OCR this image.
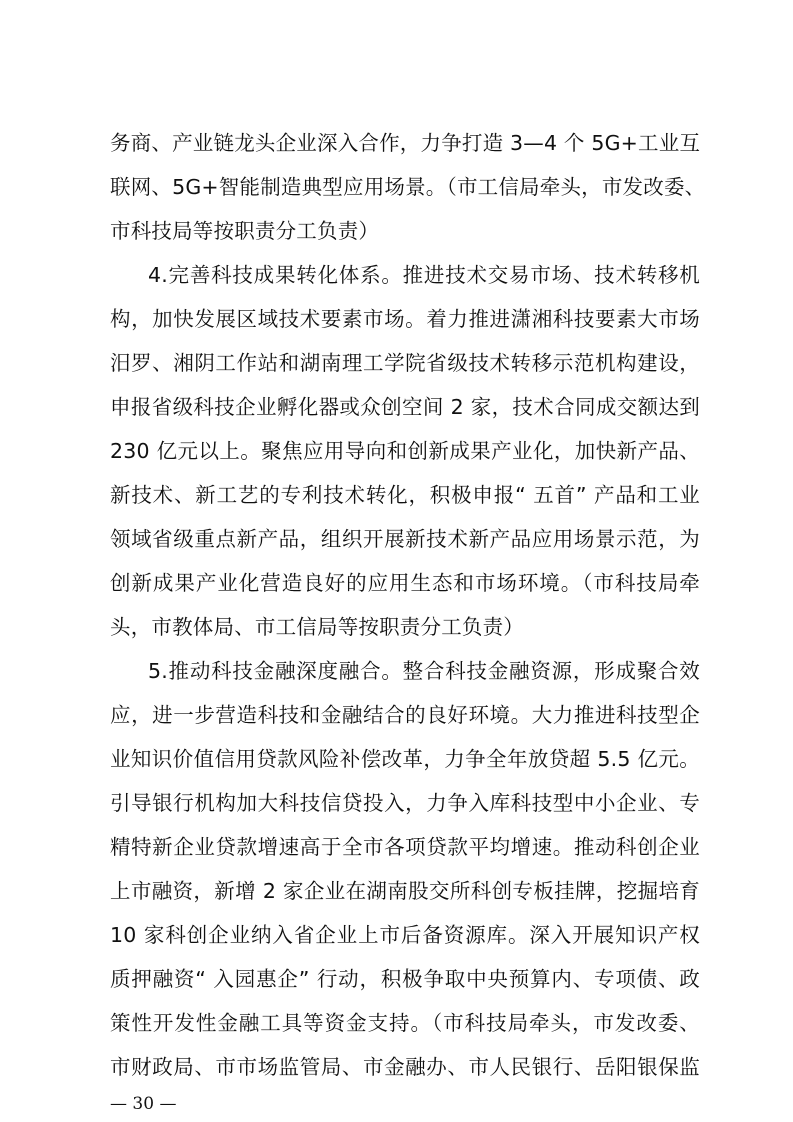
务商、产业链龙头企业深入合作，力争打造 3—4 个 5G+工业互
联网、5G+智能制造典型应用场景。（市工信局牵头，市发改委、
市科技局等按职责分工负责）
4.完善科技成果转化体系。推进技术交易市场、技术转移机
构，加快发展区域技术要素市场。着力推进潇湘科技要素大市场
汨罗、湘阴工作站和湖南理工学院省级技术转移示范机构建设，
申报省级科技企业孵化器或众创空间 2 家，技术合同成交额达到
230 亿元以上。聚焦应用导向和创新成果产业化，加快新产品、
新技术、新工艺的专利技术转化，积极申报“ 五首” 产品和工业
领域省级重点新产品，组织开展新技术新产品应用场景示范，为
创新成果产业化营造良好的应用生态和市场环境。（市科技局牵
头，市教体局、市工信局等按职责分工负责）
5.推动科技金融深度融合。整合科技金融资源，形成聚合效
应，进一步营造科技和金融结合的良好环境。大力推进科技型企
业知识价值信用贷款风险补偿改革，力争全年放贷超 5.5 亿元。
引导银行机构加大科技信贷投入，力争入库科技型中小企业、专
精特新企业贷款增速高于全市各项贷款平均增速。推动科创企业
上市融资，新增 2 家企业在湖南股交所科创专板挂牌，挖掘培育
10 家科创企业纳入省企业上市后备资源库。深入开展知识产权
质押融资“ 入园惠企” 行动，积极争取中央预算内、专项债、政
策性开发性金融工具等资金支持。（市科技局牵头，市发改委、
市财政局、市市场监管局、市金融办、市人民银行、岳阳银保监
— 30 —
